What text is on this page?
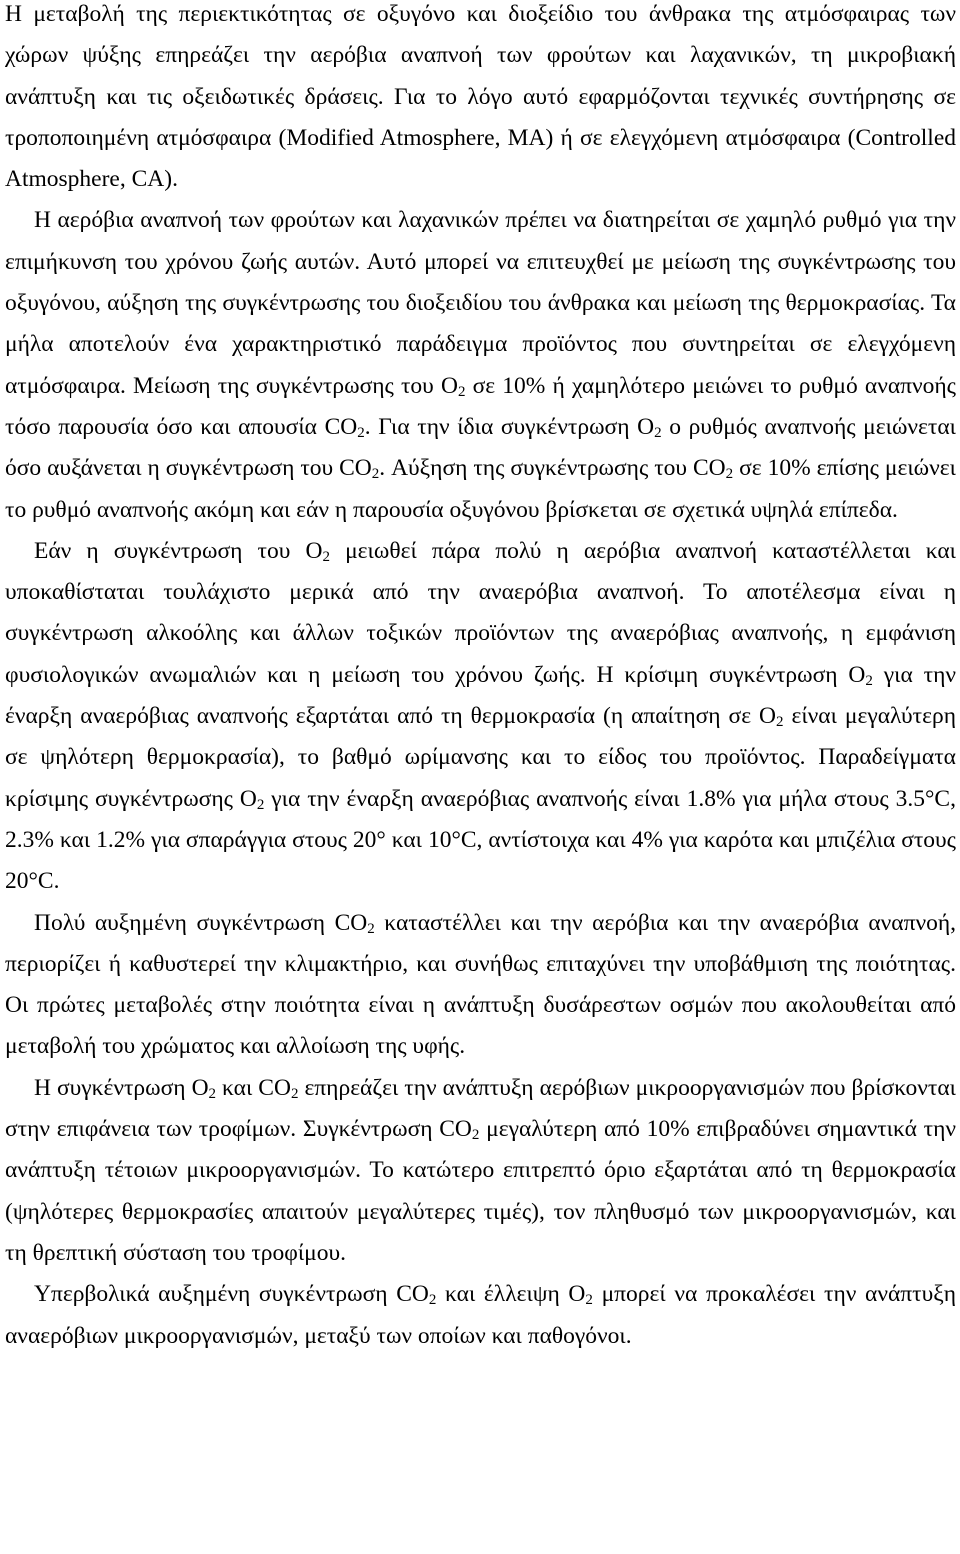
Η μεταβολή της περιεκτικότητας σε οξυγόνο και διοξείδιο του άνθρακα της ατμόσφαιρας των χώρων ψύξης επηρεάζει την αερόβια αναπνοή των φρούτων και λαχανικών, τη μικροβιακή ανάπτυξη και τις οξειδωτικές δράσεις. Για το λόγο αυτό εφαρμόζονται τεχνικές συντήρησης σε τροποποιημένη ατμόσφαιρα (Modified Atmosphere, MA) ή σε ελεγχόμενη ατμόσφαιρα (Controlled Atmosphere, CA).

Η αερόβια αναπνοή των φρούτων και λαχανικών πρέπει να διατηρείται σε χαμηλό ρυθμό για την επιμήκυνση του χρόνου ζωής αυτών. Αυτό μπορεί να επιτευχθεί με μείωση της συγκέντρωσης του οξυγόνου, αύξηση της συγκέντρωσης του διοξειδίου του άνθρακα και μείωση της θερμοκρασίας. Τα μήλα αποτελούν ένα χαρακτηριστικό παράδειγμα προϊόντος που συντηρείται σε ελεγχόμενη ατμόσφαιρα. Μείωση της συγκέντρωσης του $O_2$ σε 10% ή χαμηλότερο μειώνει το ρυθμό αναπνοής τόσο παρουσία όσο και απουσία $CO_2$. Για την ίδια συγκέντρωση $O_2$ ο ρυθμός αναπνοής μειώνεται όσο αυξάνεται η συγκέντρωση του $CO_2$. Αύξηση της συγκέντρωσης του $CO_2$ σε 10% επίσης μειώνει το ρυθμό αναπνοής ακόμη και εάν η παρουσία οξυγόνου βρίσκεται σε σχετικά υψηλά επίπεδα.

Εάν η συγκέντρωση του $O_2$ μειωθεί πάρα πολύ η αερόβια αναπνοή καταστέλλεται και υποκαθίσταται τουλάχιστο μερικά από την αναερόβια αναπνοή. Το αποτέλεσμα είναι η συγκέντρωση αλκοόλης και άλλων τοξικών προϊόντων της αναερόβιας αναπνοής, η εμφάνιση φυσιολογικών ανωμαλιών και η μείωση του χρόνου ζωής. Η κρίσιμη συγκέντρωση $O_2$ για την έναρξη αναερόβιας αναπνοής εξαρτάται από τη θερμοκρασία (η απαίτηση σε $O_2$ είναι μεγαλύτερη σε ψηλότερη θερμοκρασία), το βαθμό ωρίμανσης και το είδος του προϊόντος. Παραδείγματα κρίσιμης συγκέντρωσης $O_2$ για την έναρξη αναερόβιας αναπνοής είναι 1.8% για μήλα στους 3.5°C, 2.3% και 1.2% για σπαράγγια στους 20° και 10°C, αντίστοιχα και 4% για καρότα και μπιζέλια στους 20°C.

Πολύ αυξημένη συγκέντρωση $CO_2$ καταστέλλει και την αερόβια και την αναερόβια αναπνοή, περιορίζει ή καθυστερεί την κλιμακτήριο, και συνήθως επιταχύνει την υποβάθμιση της ποιότητας. Οι πρώτες μεταβολές στην ποιότητα είναι η ανάπτυξη δυσάρεστων οσμών που ακολουθείται από μεταβολή του χρώματος και αλλοίωση της υφής.

Η συγκέντρωση $O_2$ και $CO_2$ επηρεάζει την ανάπτυξη αερόβιων μικροοργανισμών που βρίσκονται στην επιφάνεια των τροφίμων. Συγκέντρωση $CO_2$ μεγαλύτερη από 10% επιβραδύνει σημαντικά την ανάπτυξη τέτοιων μικροοργανισμών. Το κατώτερο επιτρεπτό όριο εξαρτάται από τη θερμοκρασία (ψηλότερες θερμοκρασίες απαιτούν μεγαλύτερες τιμές), τον πληθυσμό των μικροοργανισμών, και τη θρεπτική σύσταση του τροφίμου.

Υπερβολικά αυξημένη συγκέντρωση $CO_2$ και έλλειψη $O_2$ μπορεί να προκαλέσει την ανάπτυξη αναερόβιων μικροοργανισμών, μεταξύ των οποίων και παθογόνοι.
